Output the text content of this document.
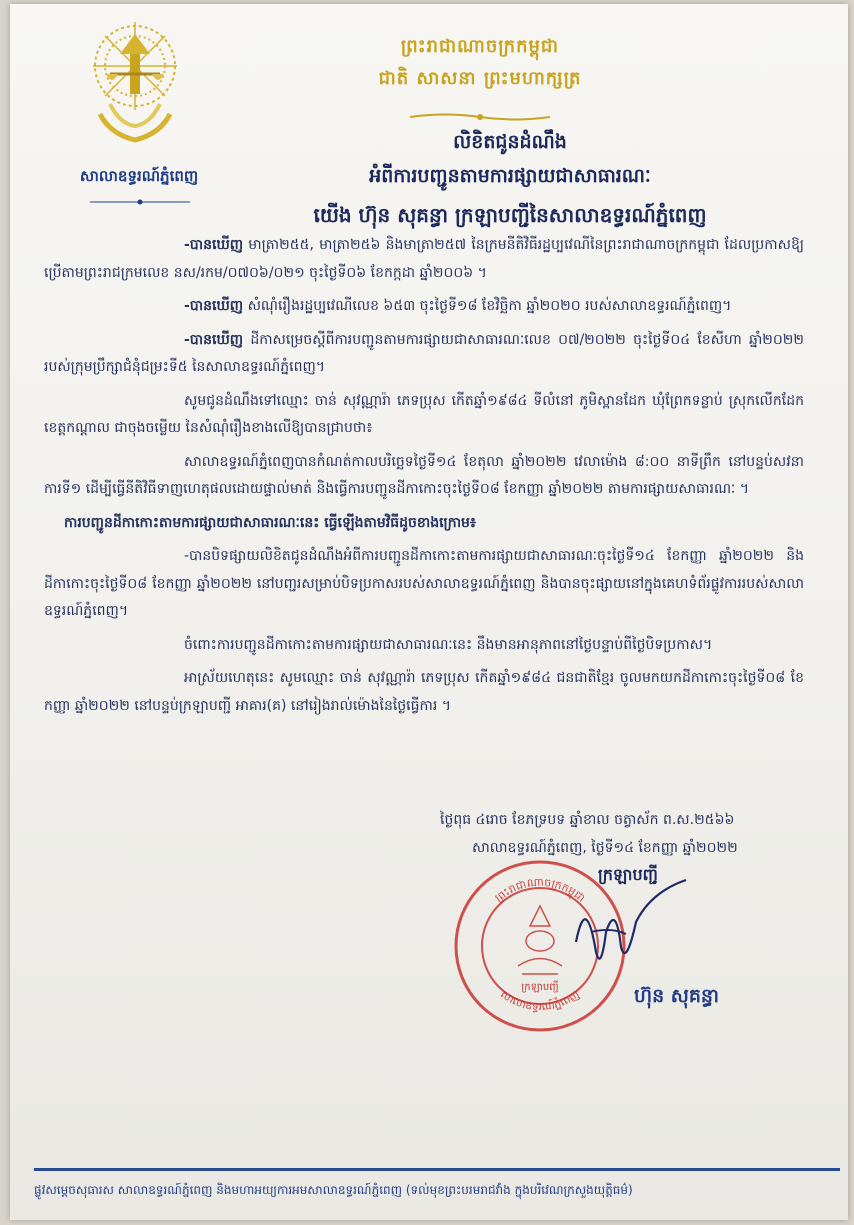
សាលាឧទ្ធរណ៍ភ្នំពេញ
ព្រះរាជាណាចក្រកម្ពុជា
ជាតិ សាសនា ព្រះមហាក្សត្រ
លិខិតជូនដំណឹង
អំពីការបញ្ជូនតាមការផ្សាយជាសាធារណៈ
យើង ហ៊ុន សុគន្ធា ក្រឡាបញ្ជីនៃសាលាឧទ្ធរណ៍ភ្នំពេញ

-បានឃើញ មាត្រា២៥៥, មាត្រា២៥៦ និងមាត្រា២៥៧ នៃក្រមនីតិវិធីរដ្ឋប្បវេណីនៃព្រះរាជាណាចក្រកម្ពុជា ដែលប្រកាសឱ្យប្រើតាមព្រះរាជក្រមលេខ នស/រកម/០៧០៦/០២១ ចុះថ្ងៃទី០៦ ខែកក្កដា ឆ្នាំ២០០៦ ។

-បានឃើញ សំណុំរឿងរដ្ឋប្បវេណីលេខ ៦៥៣ ចុះថ្ងៃទី១៨ ខែវិច្ឆិកា ឆ្នាំ២០២០ របស់សាលាឧទ្ធរណ៍ភ្នំពេញ។

-បានឃើញ ដីកាសម្រេចស្តីពីការបញ្ជូនតាមការផ្សាយជាសាធារណៈលេខ ០៧/២០២២ ចុះថ្ងៃទី០៤ ខែសីហា ឆ្នាំ២០២២ របស់ក្រុមប្រឹក្សាជំនុំជម្រះទី៥ នៃសាលាឧទ្ធរណ៍ភ្នំពេញ។

សូមជូនដំណឹងទៅឈ្មោះ ចាន់ សុវណ្ណារ៉ា ភេទប្រុស កើតឆ្នាំ១៩៨៤ ទីលំនៅ ភូមិស្ពានដែក ឃុំព្រែកទន្លាប់ ស្រុកលើកដែក ខេត្តកណ្តាល ជាចុងចម្លើយ នៃសំណុំរឿងខាងលើឱ្យបានជ្រាបថា៖

សាលាឧទ្ធរណ៍ភ្នំពេញបានកំណត់កាលបរិច្ឆេទថ្ងៃទី១៤ ខែតុលា ឆ្នាំ២០២២ វេលាម៉ោង ៨:០០ នាទីព្រឹក នៅបន្ទប់សវនាការទី១ ដើម្បីធ្វើនីតិវិធីទាញហេតុផលដោយផ្ទាល់មាត់ និងធ្វើការបញ្ជូនដីកាកោះចុះថ្ងៃទី០៨ ខែកញ្ញា ឆ្នាំ២០២២ តាមការផ្សាយសាធារណៈ ។

ការបញ្ជូនដីកាកោះតាមការផ្សាយជាសាធារណៈនេះ ធ្វើឡើងតាមវិធីដូចខាងក្រោម៖

-បានបិទផ្សាយលិខិតជូនដំណឹងអំពីការបញ្ជូនដីកាកោះតាមការផ្សាយជាសាធារណៈចុះថ្ងៃទី១៤ ខែកញ្ញា ឆ្នាំ២០២២ និងដីកាកោះចុះថ្ងៃទី០៨ ខែកញ្ញា ឆ្នាំ២០២២ នៅបញ្ជរសម្រាប់បិទប្រកាសរបស់សាលាឧទ្ធរណ៍ភ្នំពេញ និងបានចុះផ្សាយនៅក្នុងគេហទំព័រផ្លូវការរបស់សាលាឧទ្ធរណ៍ភ្នំពេញ។

ចំពោះការបញ្ជូនដីកាកោះតាមការផ្សាយជាសាធារណៈនេះ នឹងមានអានុភាពនៅថ្ងៃបន្ទាប់ពីថ្ងៃបិទប្រកាស។

អាស្រ័យហេតុនេះ សូមឈ្មោះ ចាន់ សុវណ្ណារ៉ា ភេទប្រុស កើតឆ្នាំ១៩៨៤ ជនជាតិខ្មែរ ចូលមកយកដីកាកោះចុះថ្ងៃទី០៨ ខែកញ្ញា ឆ្នាំ២០២២ នៅបន្ទប់ក្រឡាបញ្ជី អាគារ(គ) នៅរៀងរាល់ម៉ោងនៃថ្ងៃធ្វើការ ។

ថ្ងៃពុធ ៤រោច ខែភទ្របទ ឆ្នាំខាល ចត្វាស័ក ព.ស.២៥៦៦
សាលាឧទ្ធរណ៍ភ្នំពេញ, ថ្ងៃទី១៤ ខែកញ្ញា ឆ្នាំ២០២២
ព្រះរាជាណាចក្រកម្ពុជា
សាលាឧទ្ធរណ៍ភ្នំពេញ
ក្រឡាបញ្ជី
ក្រឡាបញ្ជី
ហ៊ុន សុគន្ធា
ផ្លូវសម្តេចសុធារស សាលាឧទ្ធរណ៍ភ្នំពេញ និងមហាអយ្យការអមសាលាឧទ្ធរណ៍ភ្នំពេញ (ទល់មុខព្រះបរមរាជវាំង ក្នុងបរិវេណក្រសួងយុត្តិធម៌)
